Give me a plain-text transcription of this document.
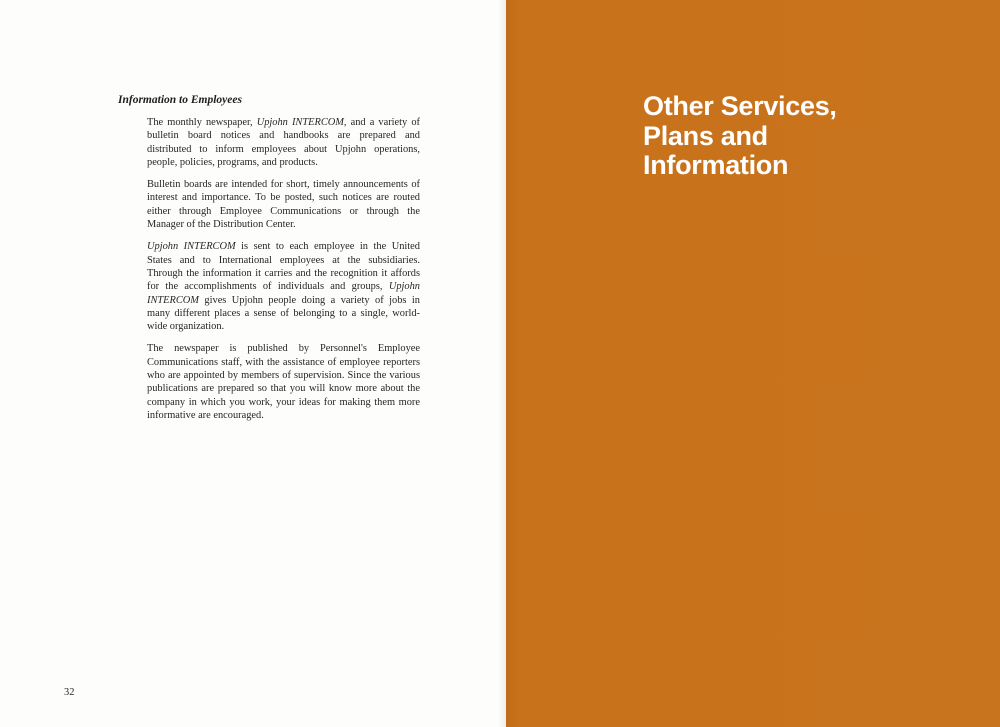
Information to Employees

The monthly newspaper, Upjohn INTERCOM, and a variety of bulletin board notices and handbooks are prepared and distributed to inform employees about Upjohn operations, people, policies, programs, and products.

Bulletin boards are intended for short, timely announcements of interest and importance. To be posted, such notices are routed either through Employee Communications or through the Manager of the Distribution Center.

Upjohn INTERCOM is sent to each employee in the United States and to International employees at the subsidiaries. Through the information it carries and the recognition it affords for the accomplishments of individuals and groups, Upjohn INTERCOM gives Upjohn people doing a variety of jobs in many different places a sense of belonging to a single, world-wide organization.

The newspaper is published by Personnel's Employee Communications staff, with the assistance of employee reporters who are appointed by members of supervision. Since the various publications are prepared so that you will know more about the company in which you work, your ideas for making them more informative are encouraged.

32
Other Services,
Plans and
Information
